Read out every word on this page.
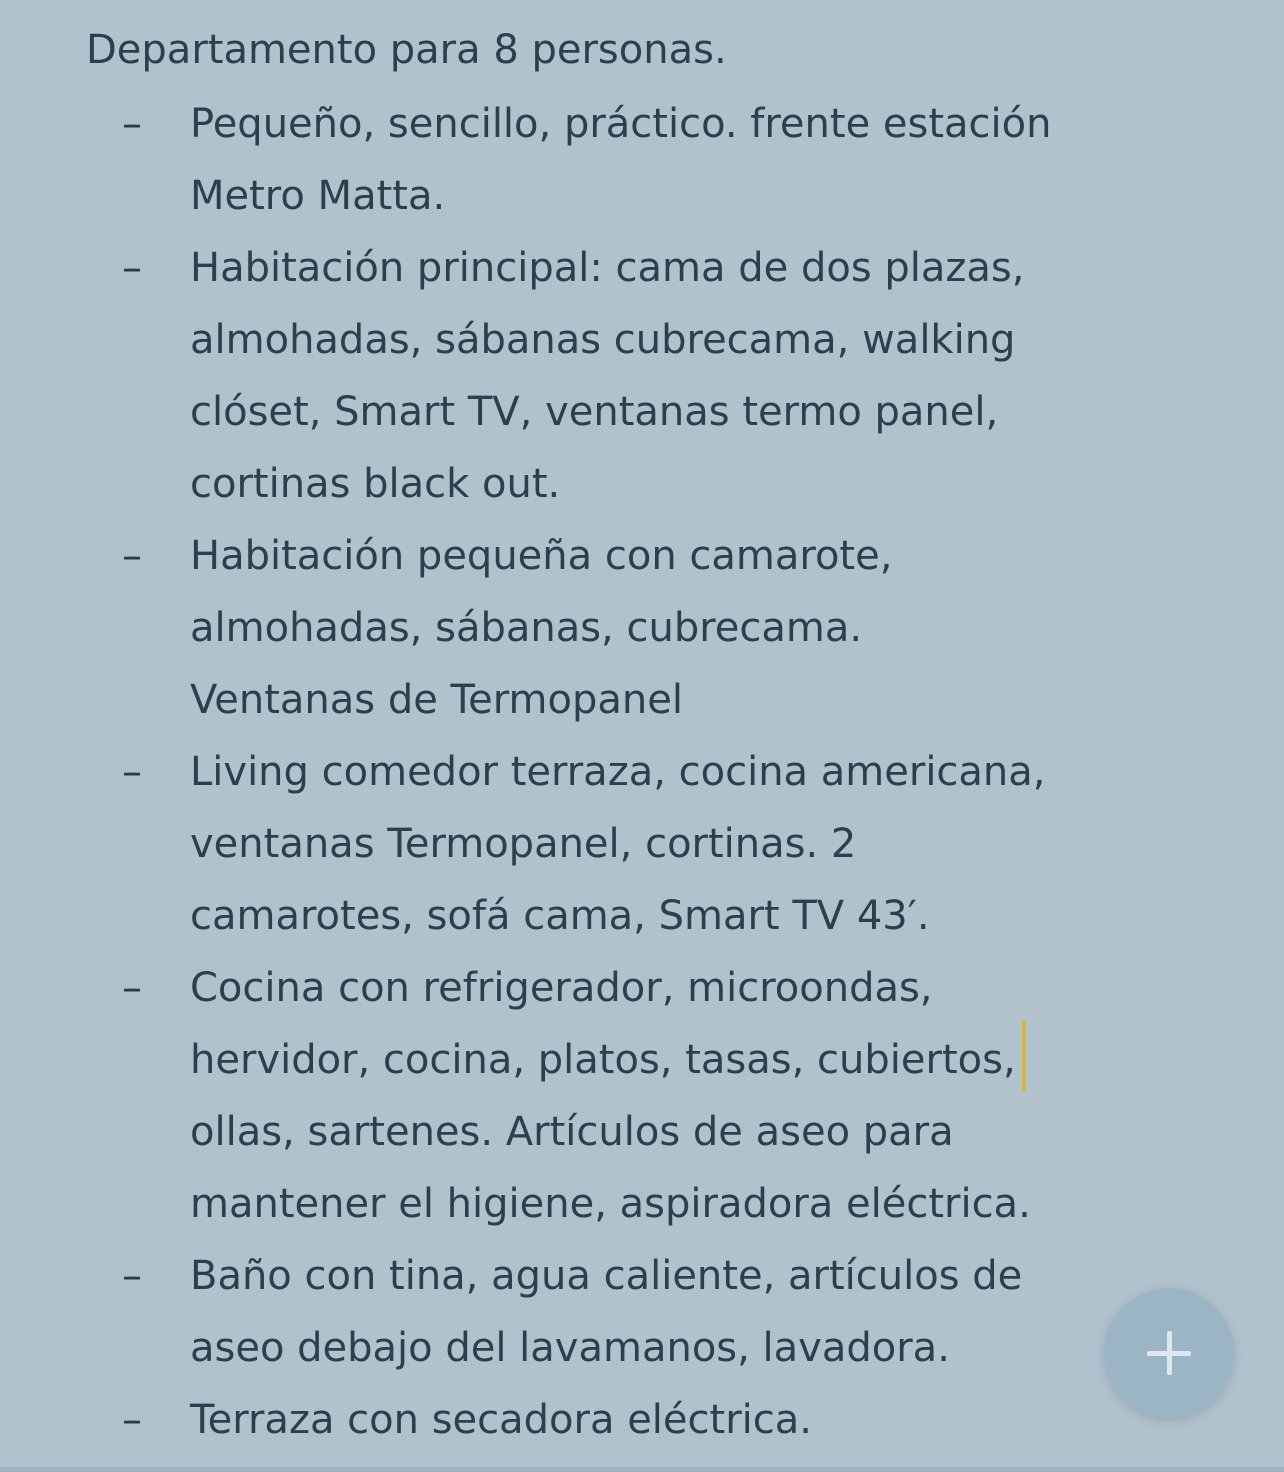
Departamento para 8 personas.
– Pequeño, sencillo, práctico. frente estación
Metro Matta.
– Habitación principal: cama de dos plazas,
almohadas, sábanas cubrecama, walking
clóset, Smart TV, ventanas termo panel,
cortinas black out.
– Habitación pequeña con camarote,
almohadas, sábanas, cubrecama.
Ventanas de Termopanel
– Living comedor terraza, cocina americana,
ventanas Termopanel, cortinas. 2
camarotes, sofá cama, Smart TV 43′.
– Cocina con refrigerador, microondas,
hervidor, cocina, platos, tasas, cubiertos,
ollas, sartenes. Artículos de aseo para
mantener el higiene, aspiradora eléctrica.
– Baño con tina, agua caliente, artículos de
aseo debajo del lavamanos, lavadora.
– Terraza con secadora eléctrica.
